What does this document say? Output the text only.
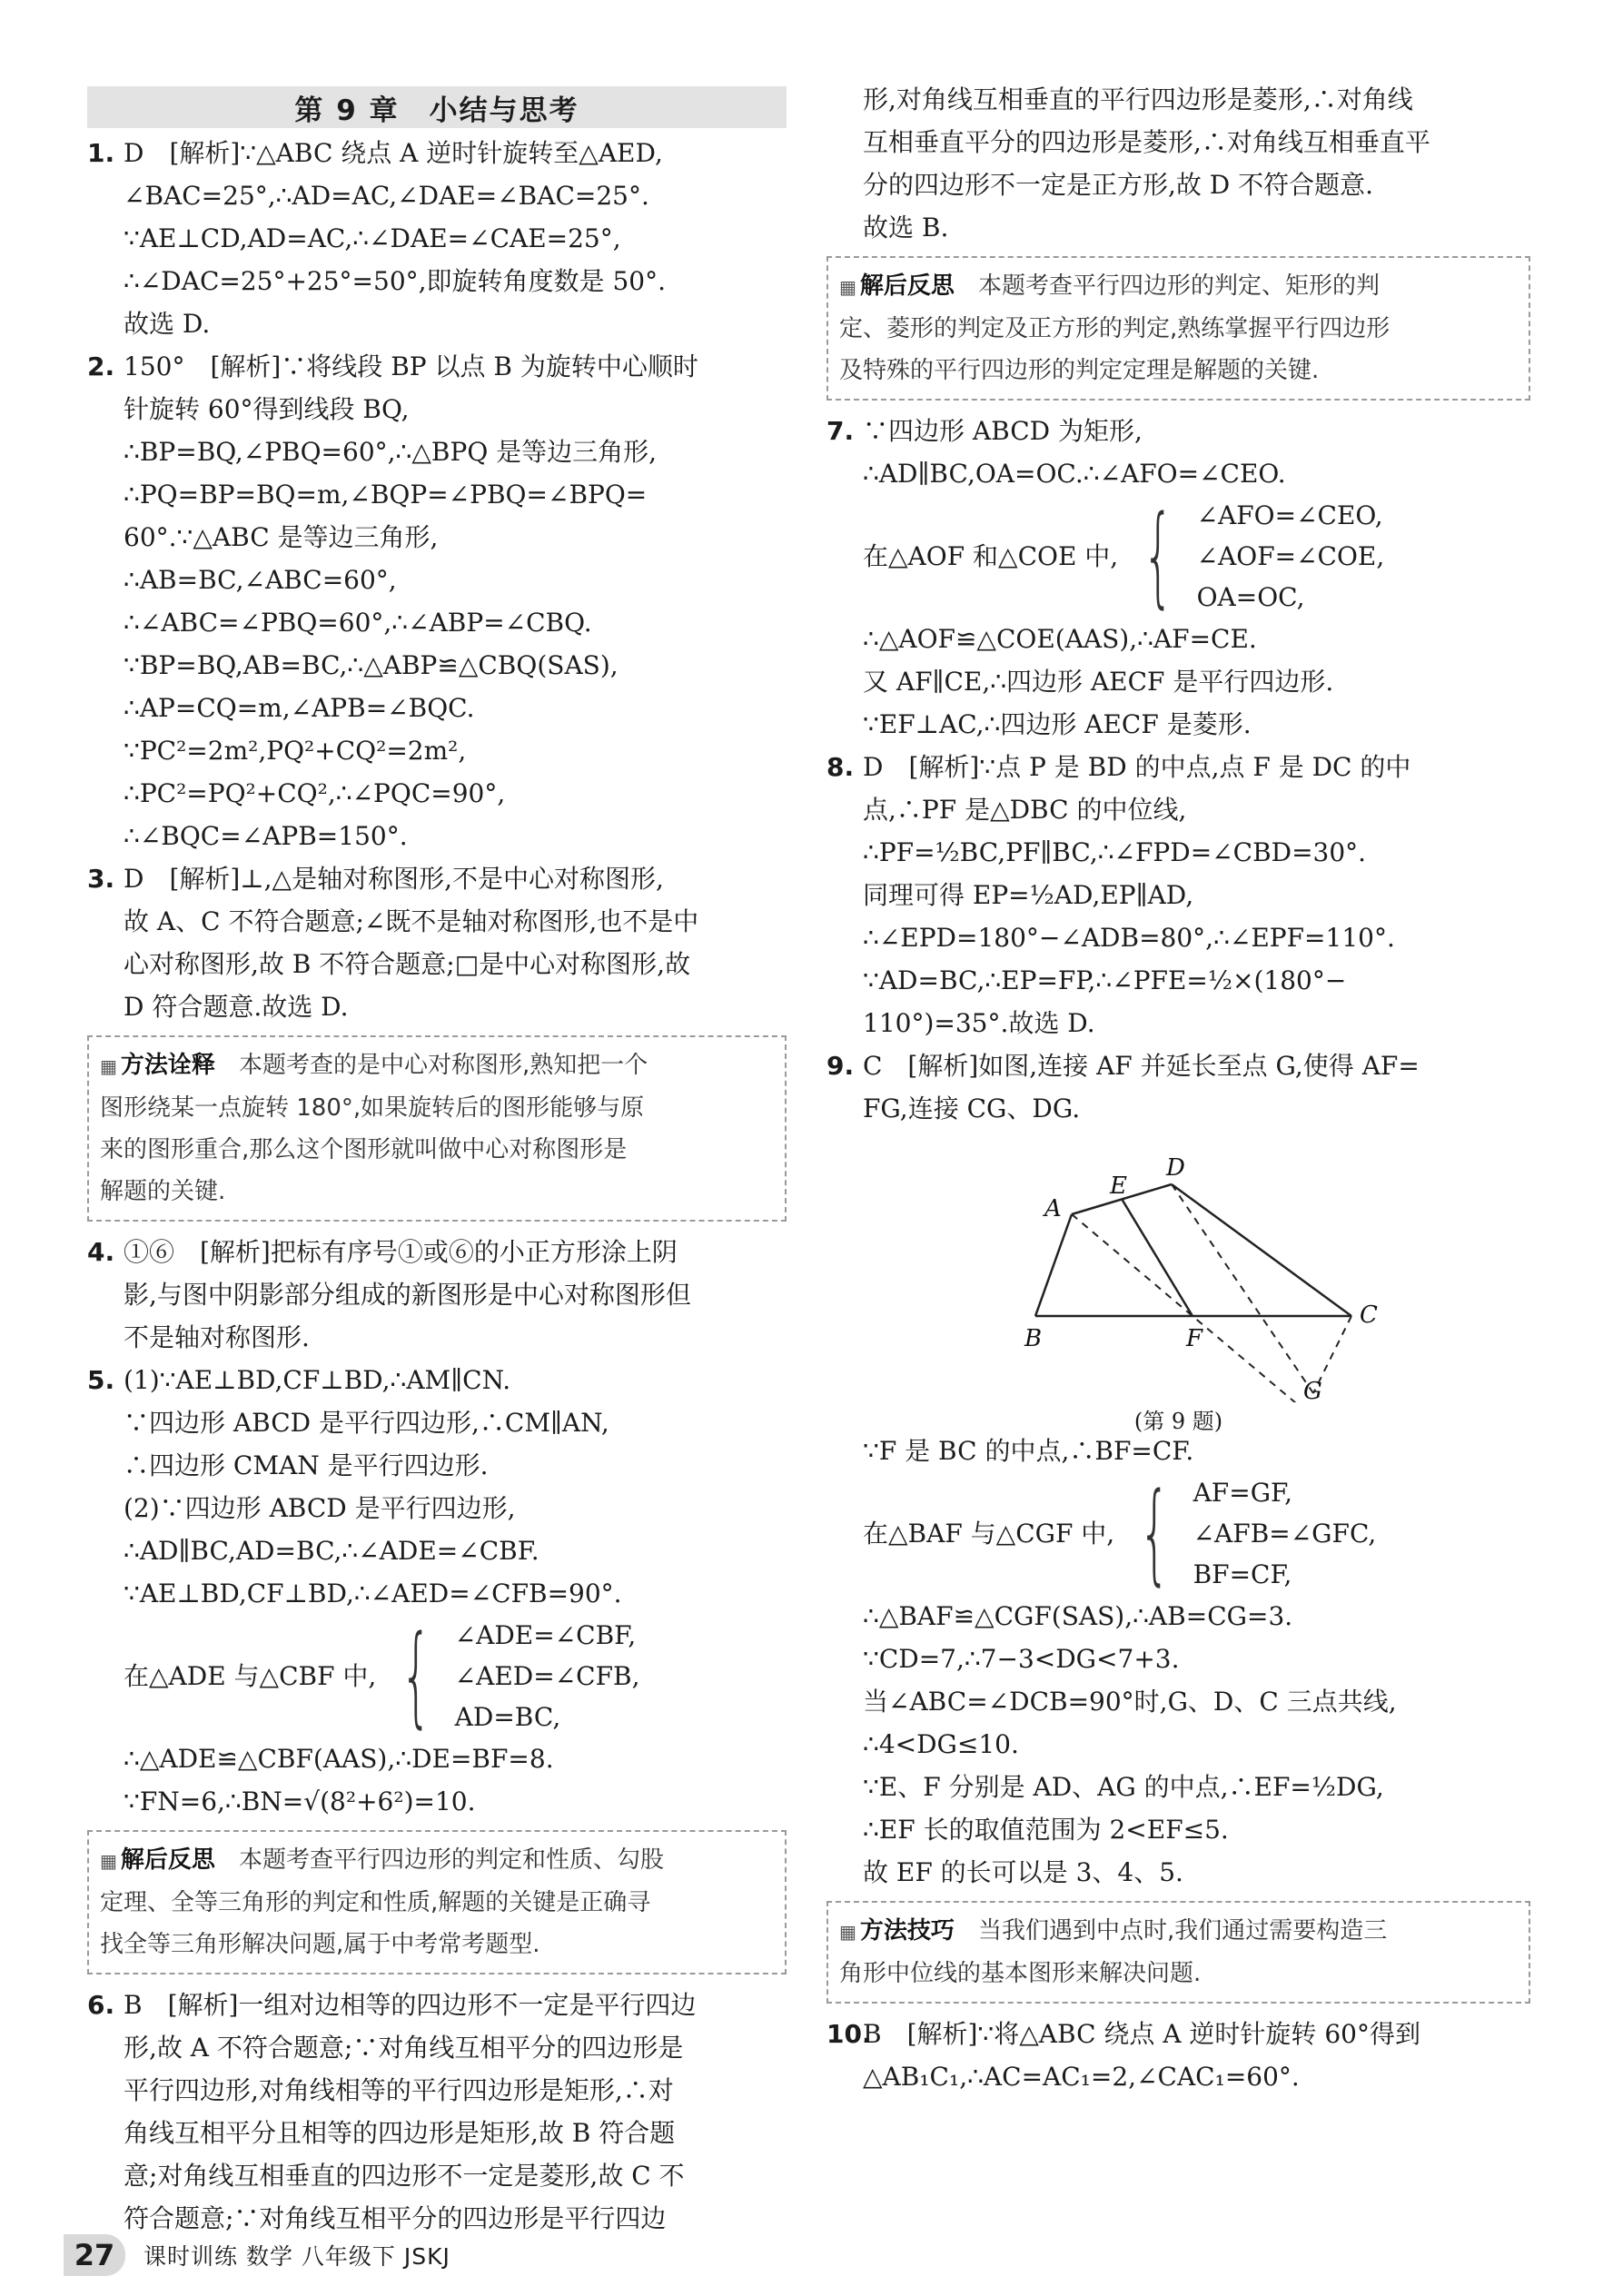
第 9 章　小结与思考
1. D　[解析]∵△ABC 绕点 A 逆时针旋转至△AED,
∠BAC=25°,∴AD=AC,∠DAE=∠BAC=25°.
∵AE⊥CD,AD=AC,∴∠DAE=∠CAE=25°,
∴∠DAC=25°+25°=50°,即旋转角度数是 50°.
故选 D.
2. 150°　[解析]∵将线段 BP 以点 B 为旋转中心顺时
针旋转 60°得到线段 BQ,
∴BP=BQ,∠PBQ=60°,∴△BPQ 是等边三角形,
∴PQ=BP=BQ=m,∠BQP=∠PBQ=∠BPQ=
60°.∵△ABC 是等边三角形,
∴AB=BC,∠ABC=60°,
∴∠ABC=∠PBQ=60°,∴∠ABP=∠CBQ.
∵BP=BQ,AB=BC,∴△ABP≌△CBQ(SAS),
∴AP=CQ=m,∠APB=∠BQC.
∵PC²=2m²,PQ²+CQ²=2m²,
∴PC²=PQ²+CQ²,∴∠PQC=90°,
∴∠BQC=∠APB=150°.
3. D　[解析]⊥,△是轴对称图形,不是中心对称图形,
故 A、C 不符合题意;∠既不是轴对称图形,也不是中
心对称图形,故 B 不符合题意;□是中心对称图形,故
D 符合题意.故选 D.
▦ 方法诠释　 本题考查的是中心对称图形,熟知把一个
图形绕某一点旋转 180°,如果旋转后的图形能够与原
来的图形重合,那么这个图形就叫做中心对称图形是
解题的关键.
4. ①⑥　[解析]把标有序号①或⑥的小正方形涂上阴
影,与图中阴影部分组成的新图形是中心对称图形但
不是轴对称图形.
5. (1)∵AE⊥BD,CF⊥BD,∴AM∥CN.
∵四边形 ABCD 是平行四边形,∴CM∥AN,
∴四边形 CMAN 是平行四边形.
(2)∵四边形 ABCD 是平行四边形,
∴AD∥BC,AD=BC,∴∠ADE=∠CBF.
∵AE⊥BD,CF⊥BD,∴∠AED=∠CFB=90°.
在△ADE 与△CBF 中, { ∠ADE=∠CBF,
∠AED=∠CFB,
AD=BC,
∴△ADE≌△CBF(AAS),∴DE=BF=8.
∵FN=6,∴BN=√(8²+6²)=10.
▦ 解后反思　 本题考查平行四边形的判定和性质、勾股
定理、全等三角形的判定和性质,解题的关键是正确寻
找全等三角形解决问题,属于中考常考题型.
6. B　[解析]一组对边相等的四边形不一定是平行四边
形,故 A 不符合题意;∵对角线互相平分的四边形是
平行四边形,对角线相等的平行四边形是矩形,∴对
角线互相平分且相等的四边形是矩形,故 B 符合题
意;对角线互相垂直的四边形不一定是菱形,故 C 不
符合题意;∵对角线互相平分的四边形是平行四边
形,对角线互相垂直的平行四边形是菱形,∴对角线
互相垂直平分的四边形是菱形,∴对角线互相垂直平
分的四边形不一定是正方形,故 D 不符合题意.
故选 B.
▦ 解后反思　 本题考查平行四边形的判定、矩形的判
定、菱形的判定及正方形的判定,熟练掌握平行四边形
及特殊的平行四边形的判定定理是解题的关键.
7. ∵四边形 ABCD 为矩形,
∴AD∥BC,OA=OC.∴∠AFO=∠CEO.
在△AOF 和△COE 中, { ∠AFO=∠CEO,
∠AOF=∠COE,
OA=OC,
∴△AOF≌△COE(AAS),∴AF=CE.
又 AF∥CE,∴四边形 AECF 是平行四边形.
∵EF⊥AC,∴四边形 AECF 是菱形.
8. D　[解析]∵点 P 是 BD 的中点,点 F 是 DC 的中
点,∴PF 是△DBC 的中位线,
∴PF=½BC,PF∥BC,∴∠FPD=∠CBD=30°.
同理可得 EP=½AD,EP∥AD,
∴∠EPD=180°−∠ADB=80°,∴∠EPF=110°.
∵AD=BC,∴EP=FP,∴∠PFE=½×(180°−
110°)=35°.故选 D.
9. C　[解析]如图,连接 AF 并延长至点 G,使得 AF=
FG,连接 CG、DG.
A
B
C
D
E
F
G
(第 9 题)
∵F 是 BC 的中点,∴BF=CF.
在△BAF 与△CGF 中, { AF=GF,
∠AFB=∠GFC,
BF=CF,
∴△BAF≌△CGF(SAS),∴AB=CG=3.
∵CD=7,∴7−3<DG<7+3.
当∠ABC=∠DCB=90°时,G、D、C 三点共线,
∴4<DG≤10.
∵E、F 分别是 AD、AG 的中点,∴EF=½DG,
∴EF 长的取值范围为 2<EF≤5.
故 EF 的长可以是 3、4、5.
▦ 方法技巧　 当我们遇到中点时,我们通过需要构造三
角形中位线的基本图形来解决问题.
10.B　[解析]∵将△ABC 绕点 A 逆时针旋转 60°得到
△AB₁C₁,∴AC=AC₁=2,∠CAC₁=60°.
27	课时训练 数学 八年级下 JSKJ
